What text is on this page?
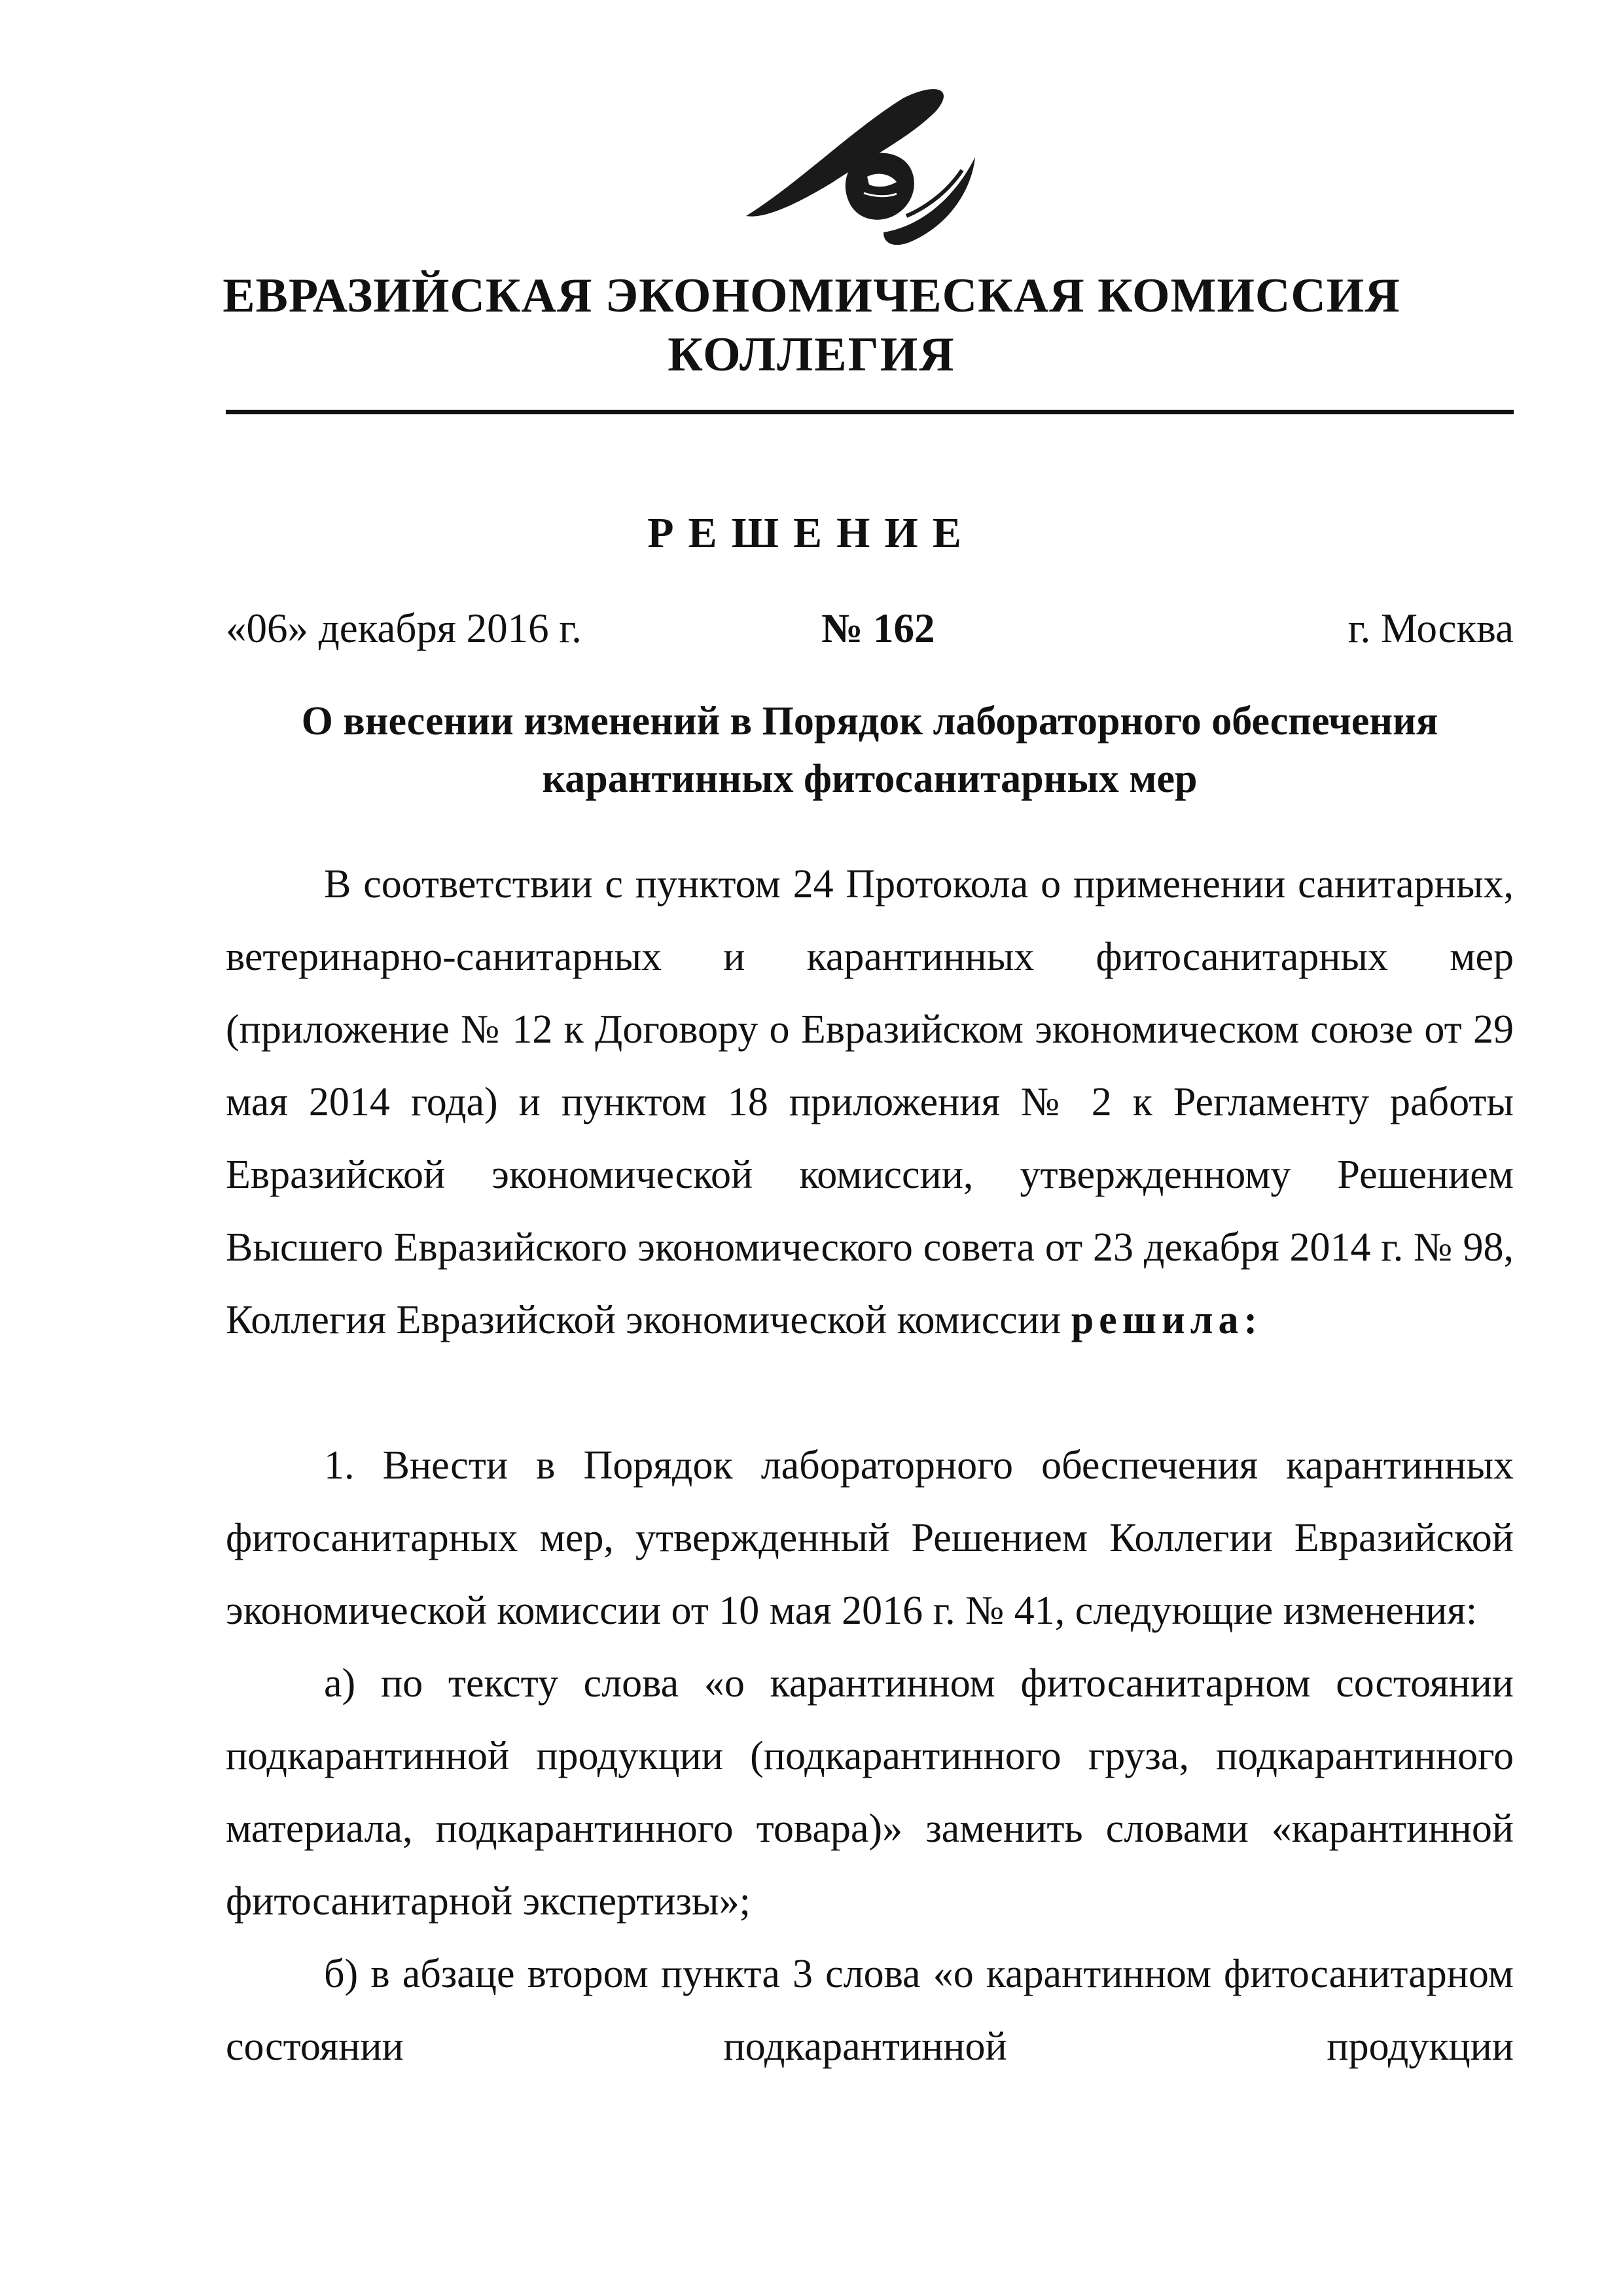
ЕВРАЗИЙСКАЯ ЭКОНОМИЧЕСКАЯ КОМИССИЯ
КОЛЛЕГИЯ
РЕШЕНИЕ
«06» декабря 2016 г.	№ 162	г. Москва
О внесении изменений в Порядок лабораторного обеспечения
карантинных фитосанитарных мер

В соответствии с пунктом 24 Протокола о применении санитарных, ветеринарно-санитарных и карантинных фитосанитарных мер (приложение № 12 к Договору о Евразийском экономическом союзе от 29 мая 2014 года) и пунктом 18 приложения № 2 к Регламенту работы Евразийской экономической комиссии, утвержденному Решением Высшего Евразийского экономического совета от 23 декабря 2014 г. № 98, Коллегия Евразийской экономической комиссии решила:

1. Внести в Порядок лабораторного обеспечения карантинных фитосанитарных мер, утвержденный Решением Коллегии Евразийской экономической комиссии от 10 мая 2016 г. № 41, следующие изменения:

а) по тексту слова «о карантинном фитосанитарном состоянии подкарантинной продукции (подкарантинного груза, подкарантинного материала, подкарантинного товара)» заменить словами «карантинной фитосанитарной экспертизы»;

б) в абзаце втором пункта 3 слова «о карантинном фитосанитарном состоянии подкарантинной продукции
